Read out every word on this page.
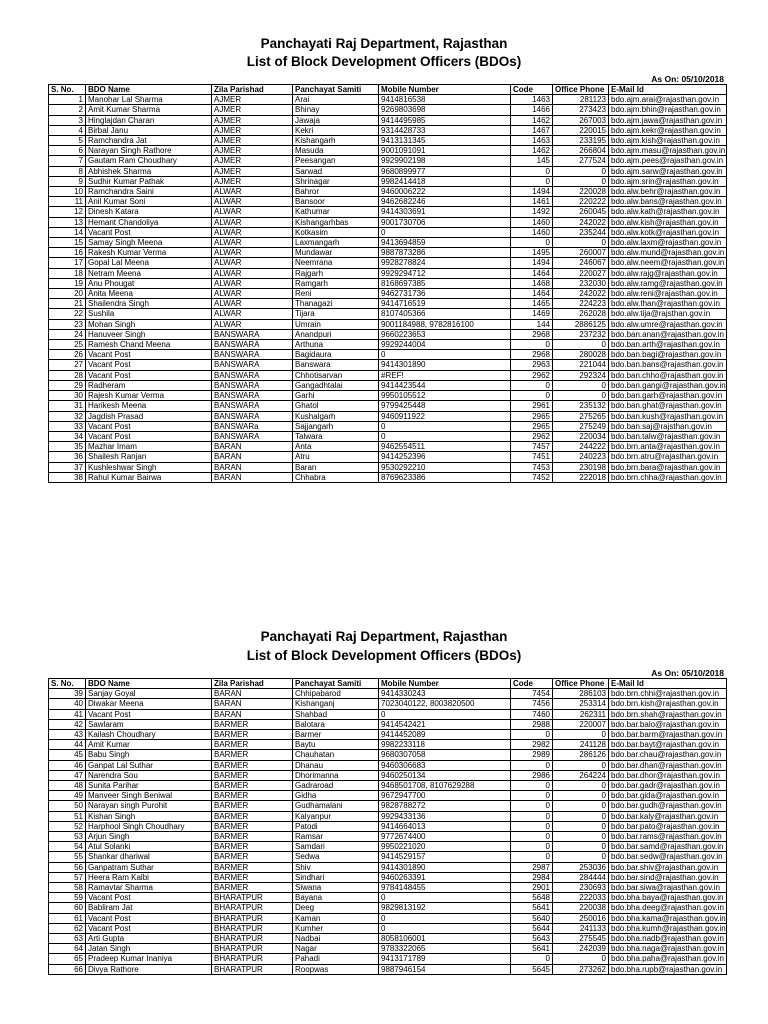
Panchayati Raj Department, Rajasthan
List of Block Development Officers (BDOs)
As On: 05/10/2018
S. No.	BDO Name	Zila Parishad	Panchayat Samiti	Mobile Number	Code	Office Phone	E-Mail Id
1	Manohar Lal Sharma	AJMER	Arai	9414816538	1463	281123	bdo.ajm.arai@rajasthan.gov.in
2	Amit Kumar Sharma	AJMER	Bhinay	9269803698	1466	273423	bdo.ajm.bhin@rajasthan.gov.in
3	Hinglajdan Charan	AJMER	Jawaja	9414495985	1462	267003	bdo.ajm.jawa@rajasthan.gov.in
4	Birbal Janu	AJMER	Kekri	9314428733	1467	220015	bdo.ajm.kekr@rajasthan.gov.in
5	Ramchandra Jat	AJMER	Kishangarh	9413131345	1463	233195	bdo.ajm.kish@rajasthan.gov.in
6	Narayan Singh Rathore	AJMER	Masuda	9001091091	1462	266804	bdo.ajm.masu@rajasthan.gov.in
7	Gautam Ram Choudhary	AJMER	Peesangan	9929902198	145	277524	bdo.ajm.pees@rajasthan.gov.in
8	Abhishek Sharma	AJMER	Sarwad	9680899977	0	0	bdo.ajm.sarw@rajasthan.gov.in
9	Sudhir Kumar Pathak	AJMER	Shrinagar	9982414418	0	0	bdo.ajm.srin@rajasthan.gov.in
10	Ramchandra Saini	ALWAR	Bahror	9460006222	1494	220028	bdo.alw.behr@rajasthan.gov.in
11	Anil Kumar Soni	ALWAR	Bansoor	9462682246	1461	220222	bdo.alw.bans@rajasthan.gov.in
12	Dinesh Katara	ALWAR	Kathumar	9414303691	1492	260045	bdo.alw.kath@rajasthan.gov.in
13	Hemant Chandoliya	ALWAR	Kishangarhbas	9001730706	1460	242022	bdo.alw.kish@rajasthan.gov.in
14	Vacant Post	ALWAR	Kotkasim	0	1460	235244	bdo.alw.kotk@rajasthan.gov.in
15	Samay Singh Meena	ALWAR	Laxmangarh	9413694859	0	0	bdo.alw.laxm@rajasthan.gov.in
16	Rakesh Kumar Verma	ALWAR	Mundawar	9887873286	1495	260007	bdo.alw.mund@rajasthan.gov.in
17	Gopal Lal Meena	ALWAR	Neemrana	9928278824	1494	246067	bdo.alw.neem@rajasthan.gov.in
18	Netram Meena	ALWAR	Rajgarh	9929294712	1464	220027	bdo.alw.rajg@rajasthan.gov.in
19	Anu Phougat	ALWAR	Ramgarh	8168697385	1468	232030	bdo.alw.ramg@rajasthan.gov.in
20	Anita Meena	ALWAR	Reni	9462731736	1464	242022	bdo.alw.reni@rajasthan.gov.in
21	Shailendra Singh	ALWAR	Thanagazi	9414716519	1465	224223	bdo.alw.than@rajasthan.gov.in
22	Sushila	ALWAR	Tijara	8107405366	1469	262028	bdo.alw.tija@rajsthan.gov.in
23	Mohan Singh	ALWAR	Umrain	9001184988, 9782816100	144	2886125	bdo.alw.umre@rajasthan.gov.in
24	Hanuveer Singh	BANSWARA	Anandpuri	9660223653	2968	237232	bdo.ban.anan@rajasthan.gov.in
25	Ramesh Chand Meena	BANSWARA	Arthuna	9929244004	0	0	bdo.ban.arth@rajasthan.gov.in
26	Vacant Post	BANSWARA	Bagidaura	0	2968	280028	bdo.ban.bagi@rajasthan.gov.in
27	Vacant Post	BANSWARA	Banswara	9414301890	2963	221044	bdo.ban.bans@rajasthan.gov.in
28	Vacant Post	BANSWARA	Chhotisarvan	#REF!	2962	292324	bdo.ban.chho@rajasthan.gov.in
29	Radheram	BANSWARA	Gangadhtalai	9414423544	0	0	bdo.ban.gangi@rajasthan.gov.in
30	Rajesh Kumar Verma	BANSWARA	Garhi	9950105512	0	0	bdo.ban.garh@rajasthan.gov.in
31	Harikesh Meena	BANSWARA	Ghatol	9799425448	2961	235132	bdo.ban.ghat@rajasthan.gov.in
32	Jagdish Prasad	BANSWARA	Kushalgarh	9460911922	2965	275265	bdo.ban.kush@rajasthan.gov.in
33	Vacant Post	BANSWARa	Sajjangarh	0	2965	275249	bdo.ban.saj@rajsthan.gov.in
34	Vacant Post	BANSWARA	Talwara	0	2962	220034	bdo.ban.talw@rajasthan.gov.in
35	Mazhar Imam	BARAN	Anta	9462554511	7457	244222	bdo.brn.anta@rajasthan.gov.in
36	Shailesh Ranjan	BARAN	Atru	9414252396	7451	240223	bdo.brn.atru@rajasthan.gov.in
37	Kushleshwar Singh	BARAN	Baran	9530292210	7453	230198	bdo.brn.bara@rajasthan.gov.in
38	Rahul Kumar Bairwa	BARAN	Chhabra	8769623386	7452	222018	bdo.brn.chha@rajasthan.gov.in
Panchayati Raj Department, Rajasthan
List of Block Development Officers (BDOs)
As On: 05/10/2018
S. No.	BDO Name	Zila Parishad	Panchayat Samiti	Mobile Number	Code	Office Phone	E-Mail Id
39	Sanjay Goyal	BARAN	Chhipabarod	9414330243	7454	286103	bdo.brn.chhi@rajasthan.gov.in
40	Diwakar Meena	BARAN	Kishanganj	7023040122, 8003820500	7456	253314	bdo.brn.kish@rajasthan.gov.in
41	Vacant Post	BARAN	Shahbad	0	7460	262311	bdo.brn.shah@rajasthan.gov.in
42	Sawlaram	BARMER	Balotara	9414542421	2988	220007	bdo.bar.balo@rajasthan.gov.in
43	Kailash Choudhary	BARMER	Barmer	9414452089	0	0	bdo.bar.barm@rajasthan.gov.in
44	Amit Kumar	BARMER	Baytu	9982233118	2982	241128	bdo.bar.bayt@rajasthan.gov.in
45	Babu Singh	BARMER	Chauhatan	9680307058	2989	286126	bdo.bar.chau@rajasthan.gov.in
46	Ganpat Lal Suthar	BARMER	Dhanau	9460306683	0	0	bdo.bar.dhan@rajasthan.gov.in
47	Narendra Sou	BARMER	Dhorimanna	9460250134	2986	264224	bdo.bar.dhor@rajasthan.gov.in
48	Sunita Parihar	BARMER	Gadraroad	9468501708, 8107629288	0	0	bdo.bar.gadr@rajasthan.gov.in
49	Manveer Singh Beniwal	BARMER	Gidha	9672947700	0	0	bdo.bar.gida@rajasthan.gov.in
50	Narayan singh Purohit	BARMER	Gudhamalani	9828788272	0	0	bdo.bar.gudh@rajasthan.gov.in
51	Kishan Singh	BARMER	Kalyanpur	9929433136	0	0	bdo.bar.kaly@rajasthan.gov.in
52	Harphool Singh Choudhary	BARMER	Patodi	9414664013	0	0	bdo.bar.pato@rajasthan.gov.in
53	Arjun Singh	BARMER	Ramsar	9772674400	0	0	bdo.bar.rams@rajasthan.gov.in
54	Atul Solanki	BARMER	Samdari	9950221020	0	0	bdo.bar.samd@rajasthan.gov.in
55	Shankar dhariwal	BARMER	Sedwa	9414529157	0	0	bdo.bar.sedw@rajasthan.gov.in
56	Ganpatram Suthar	BARMER	Shiv	9414301890	2987	253036	bdo.bar.shiv@rajasthan.gov.in
57	Heera Ram Kalbi	BARMER	Sindhari	9460263391	2984	284444	bdo.bar.sind@rajasthan.gov.in
58	Ramavtar Sharma	BARMER	Siwana	9784148455	2901	230693	bdo.bar.siwa@rajasthan.gov.in
59	Vacant Post	BHARATPUR	Bayana	0	5648	222033	bdo.bha.baya@rajasthan.gov.in
60	Babliram Jat	BHARATPUR	Deeg	9829813192	5641	220038	bdo.bha.deeg@rajasthan.gov.in
61	Vacant Post	BHARATPUR	Kaman	0	5640	250016	bdo.bha.kama@rajasthan.gov.in
62	Vacant Post	BHARATPUR	Kumher	0	5644	241133	bdo.bha.kumh@rajasthan.gov.in
63	Arti Gupta	BHARATPUR	Nadbai	8058106001	5643	275545	bdo.bha.nadb@rajasthan.gov.in
64	Jatan Singh	BHARATPUR	Nagar	9783322065	5641	242039	bdo.bha.naga@rajasthan.gov.in
65	Pradeep Kumar Inaniya	BHARATPUR	Pahadi	9413171789	0	0	bdo.bha.paha@rajasthan.gov.in
66	Divya Rathore	BHARATPUR	Roopwas	9887946154	5645	273262	bdo.bha.rupb@rajasthan.gov.in
